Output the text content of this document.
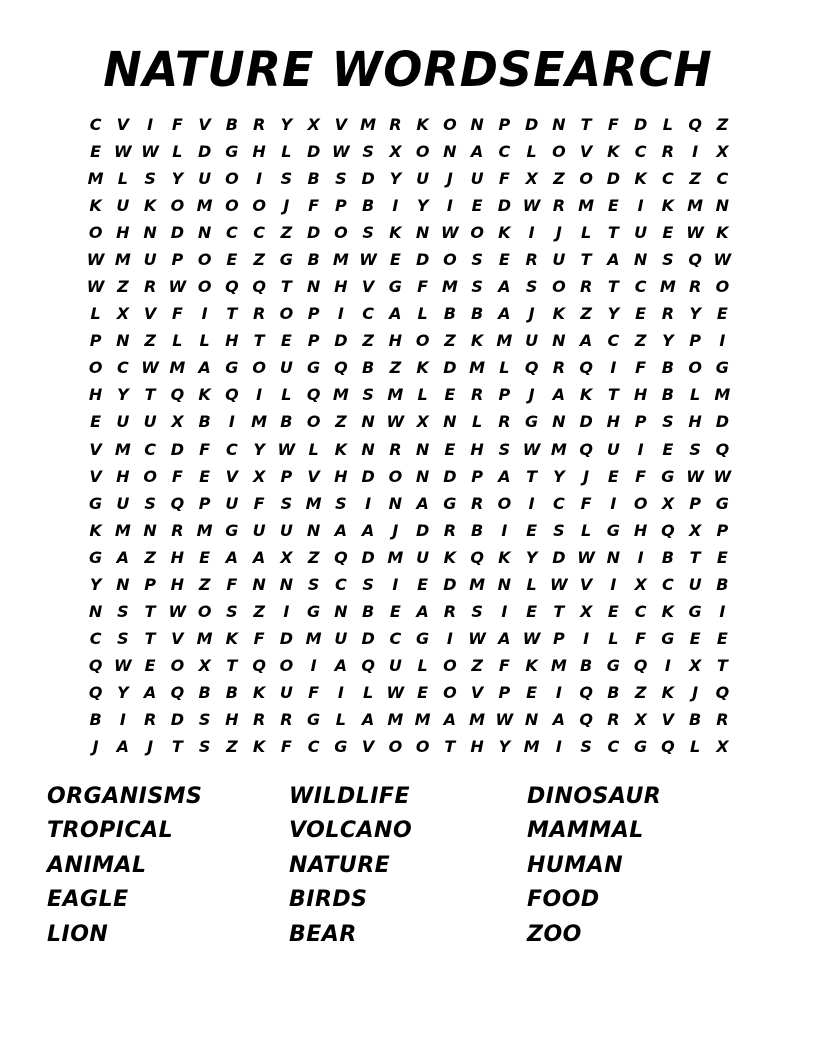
NATURE WORDSEARCH
C V	I	F V B R Y X V M R K O N P D N T	F D L Q Z
E W W L D G H L D W S X O N A C	L O V K C R	I	X
M L	S Y U O	I	S B S D Y U	J	U F X Z O D K C Z C
K U K O M O O	J	F P B	I	Y	I	E D W R M E	I	K M N
O H N D N C C Z D O S K N W O K	I	J	L	T U E W K
W M U P O E Z G B M W E D O S	E R U T A N S Q W
W Z R W O Q Q T N H V G F M S A S O R T C M R O
L X V F	I	T R O P	I	C A L	B B A	J	K Z Y E R Y E
P N Z	L	L H T	E P D Z H O Z K M U N A C Z Y P	I
O C W M A G O U G Q B Z K D M L Q R Q	I	F B O G
H Y T Q K Q	I	L Q M S M L	E R P	J	A K T H B	L M
E U U X B	I	M B O Z N W X N L R G N D H P S H D
V M C D F C Y W L K N R N E H S W M Q U	I	E	S Q
V H O F	E V X P V H D O N D P A T	Y	J	E	F G W W
G U S Q P U F	S M S	I	N A G R O	I	C F	I	O X P G
K M N R M G U U N A A	J	D R B	I	E	S	L G H Q X P
G A Z H E A A X Z Q D M U K Q K Y D W N	I	B T	E
Y N P H Z F N N S C S	I	E D M N L W V	I	X C U B
N S	T W O S Z	I	G N B E A R S	I	E	T X E C K G	I
C S	T V M K F D M U D C G	I W A W P	I	L	F G E	E
Q W E O X T Q O	I	A Q U L O Z F K M B G Q	I	X T
Q Y A Q B B K U F	I	L W E O V P E	I	Q B Z K	J	Q
B	I	R D S H R R G L A M M A M W N A Q R X V B R
J	A	J	T	S Z K F C G V O O T H Y M	I	S C G Q L X
ORGANISMS
TROPICAL
ANIMAL
EAGLE
LION
WILDLIFE
VOLCANO
NATURE
BIRDS
BEAR
DINOSAUR
MAMMAL
HUMAN
FOOD
ZOO
